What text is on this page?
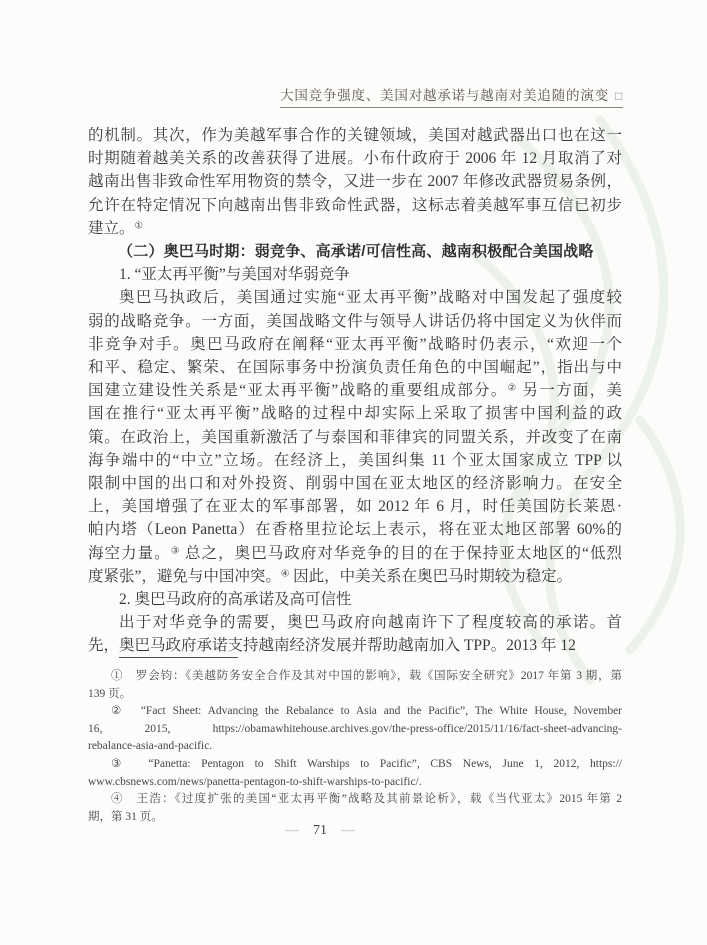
大国竞争强度、美国对越承诺与越南对美追随的演变 □
的机制。其次，作为美越军事合作的关键领域，美国对越武器出口也在这一
时期随着越美关系的改善获得了进展。小布什政府于 2006 年 12 月取消了对
越南出售非致命性军用物资的禁令，又进一步在 2007 年修改武器贸易条例，
允许在特定情况下向越南出售非致命性武器，这标志着美越军事互信已初步
建立。①
（二）奥巴马时期：弱竞争、高承诺/可信性高、越南积极配合美国战略
1. “亚太再平衡”与美国对华弱竞争
奥巴马执政后，美国通过实施“亚太再平衡”战略对中国发起了强度较
弱的战略竞争。一方面，美国战略文件与领导人讲话仍将中国定义为伙伴而
非竞争对手。奥巴马政府在阐释“亚太再平衡”战略时仍表示，“欢迎一个
和平、稳定、繁荣、在国际事务中扮演负责任角色的中国崛起”，指出与中
国建立建设性关系是“亚太再平衡”战略的重要组成部分。② 另一方面，美
国在推行“亚太再平衡”战略的过程中却实际上采取了损害中国利益的政
策。在政治上，美国重新激活了与泰国和菲律宾的同盟关系，并改变了在南
海争端中的“中立”立场。在经济上，美国纠集 11 个亚太国家成立 TPP 以
限制中国的出口和对外投资、削弱中国在亚太地区的经济影响力。在安全
上，美国增强了在亚太的军事部署，如 2012 年 6 月，时任美国防长莱恩·
帕内塔（Leon Panetta）在香格里拉论坛上表示，将在亚太地区部署 60%的
海空力量。③ 总之，奥巴马政府对华竞争的目的在于保持亚太地区的“低烈
度紧张”，避免与中国冲突。④ 因此，中美关系在奥巴马时期较为稳定。
2. 奥巴马政府的高承诺及高可信性
出于对华竞争的需要，奥巴马政府向越南许下了程度较高的承诺。首
先，奥巴马政府承诺支持越南经济发展并帮助越南加入 TPP。2013 年 12
①　罗会钧：《美越防务安全合作及其对中国的影响》，载《国际安全研究》2017 年第 3 期，第
139 页。
②　“Fact Sheet: Advancing the Rebalance to Asia and the Pacific”, The White House, November
16, 2015, https://obamawhitehouse.archives.gov/the-press-office/2015/11/16/fact-sheet-advancing-
rebalance-asia-and-pacific.
③　“Panetta: Pentagon to Shift Warships to Pacific”, CBS News, June 1, 2012, https://
www.cbsnews.com/news/panetta-pentagon-to-shift-warships-to-pacific/.
④　王浩：《过度扩张的美国“亚太再平衡”战略及其前景论析》，载《当代亚太》2015 年第 2
期，第 31 页。
— 71 —
